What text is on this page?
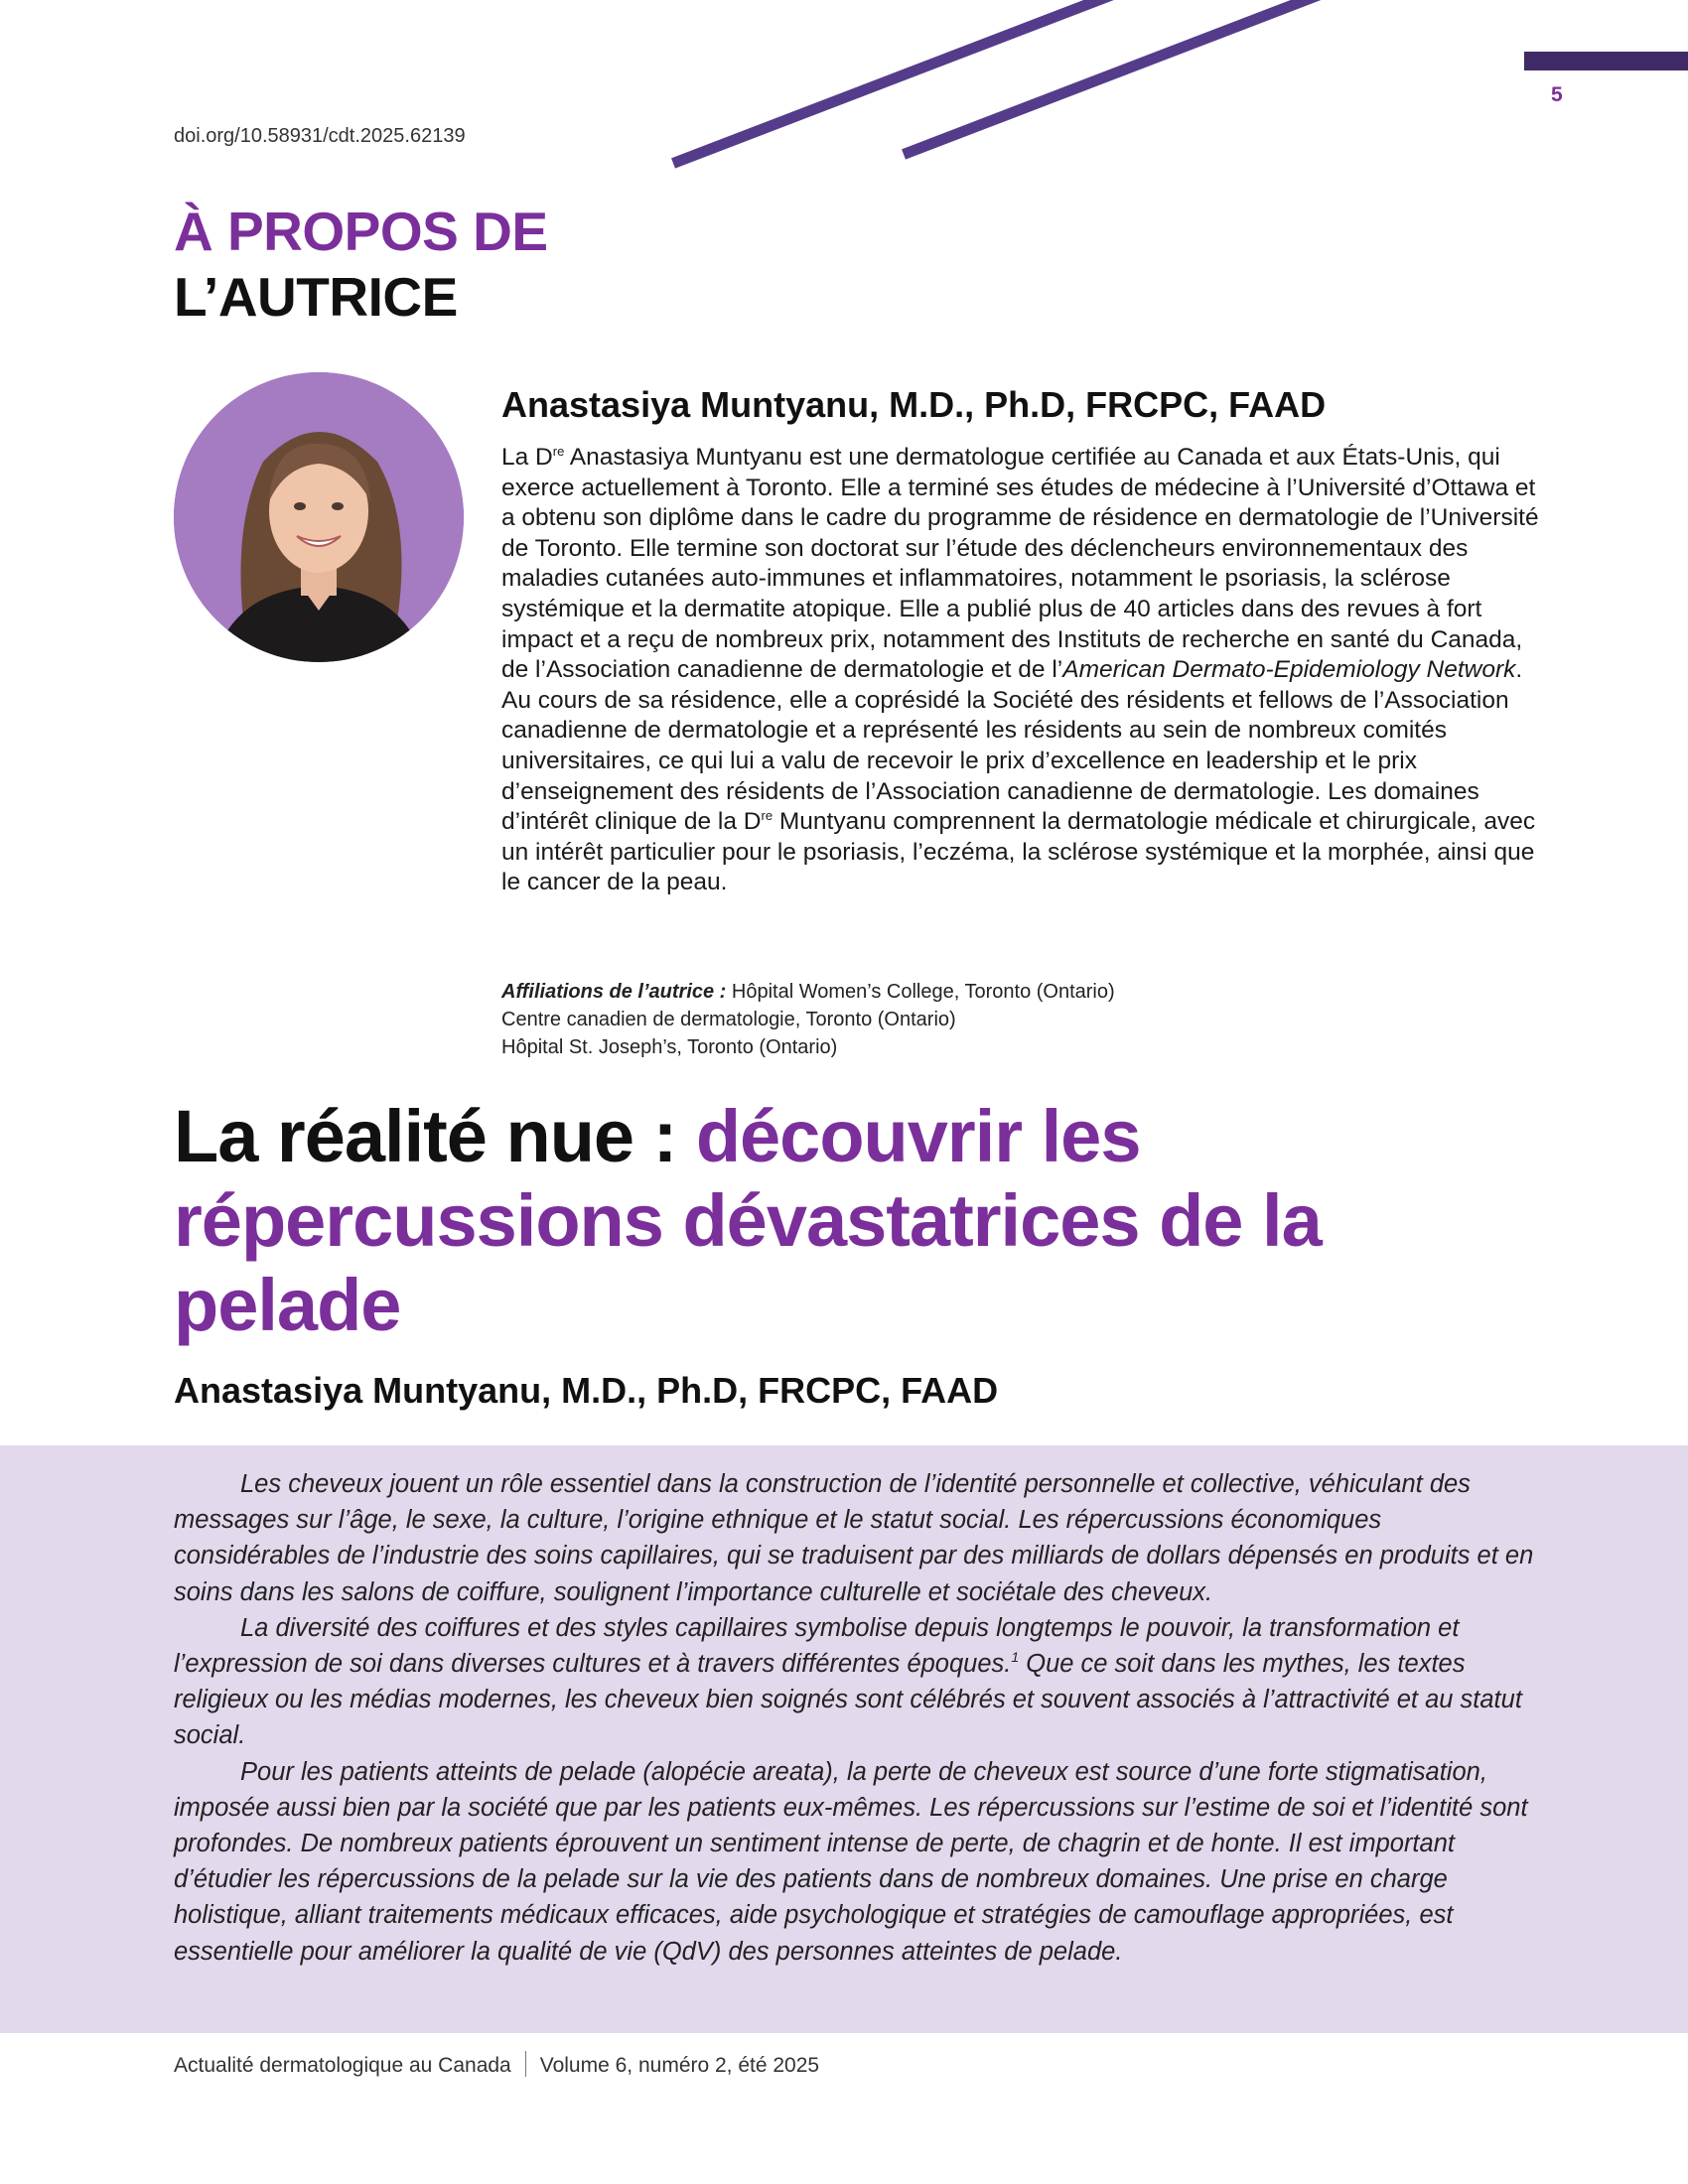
5
doi.org/10.58931/cdt.2025.62139
À PROPOS DE
L’AUTRICE
Anastasiya Muntyanu, M.D., Ph.D, FRCPC, FAAD
La Dre Anastasiya Muntyanu est une dermatologue certifiée au Canada et aux États-Unis, qui exerce actuellement à Toronto. Elle a terminé ses études de médecine à l’Université d’Ottawa et a obtenu son diplôme dans le cadre du programme de résidence en dermatologie de l’Université de Toronto. Elle termine son doctorat sur l’étude des déclencheurs environnementaux des maladies cutanées auto-immunes et inflammatoires, notamment le psoriasis, la sclérose systémique et la dermatite atopique. Elle a publié plus de 40 articles dans des revues à fort impact et a reçu de nombreux prix, notamment des Instituts de recherche en santé du Canada, de l’Association canadienne de dermatologie et de l’American Dermato-Epidemiology Network. Au cours de sa résidence, elle a coprésidé la Société des résidents et fellows de l’Association canadienne de dermatologie et a représenté les résidents au sein de nombreux comités universitaires, ce qui lui a valu de recevoir le prix d’excellence en leadership et le prix d’enseignement des résidents de l’Association canadienne de dermatologie. Les domaines d’intérêt clinique de la Dre Muntyanu comprennent la dermatologie médicale et chirurgicale, avec un intérêt particulier pour le psoriasis, l’eczéma, la sclérose systémique et la morphée, ainsi que le cancer de la peau.
Affiliations de l’autrice : Hôpital Women’s College, Toronto (Ontario)
Centre canadien de dermatologie, Toronto (Ontario)
Hôpital St. Joseph’s, Toronto (Ontario)
La réalité nue : découvrir les répercussions dévastatrices de la pelade
Anastasiya Muntyanu, M.D., Ph.D, FRCPC, FAAD

Les cheveux jouent un rôle essentiel dans la construction de l’identité personnelle et collective, véhiculant des messages sur l’âge, le sexe, la culture, l’origine ethnique et le statut social. Les répercussions économiques considérables de l’industrie des soins capillaires, qui se traduisent par des milliards de dollars dépensés en produits et en soins dans les salons de coiffure, soulignent l’importance culturelle et sociétale des cheveux.

La diversité des coiffures et des styles capillaires symbolise depuis longtemps le pouvoir, la transformation et l’expression de soi dans diverses cultures et à travers différentes époques.$^1$ Que ce soit dans les mythes, les textes religieux ou les médias modernes, les cheveux bien soignés sont célébrés et souvent associés à l’attractivité et au statut social.

Pour les patients atteints de pelade (alopécie areata), la perte de cheveux est source d’une forte stigmatisation, imposée aussi bien par la société que par les patients eux-mêmes. Les répercussions sur l’estime de soi et l’identité sont profondes. De nombreux patients éprouvent un sentiment intense de perte, de chagrin et de honte. Il est important d’étudier les répercussions de la pelade sur la vie des patients dans de nombreux domaines. Une prise en charge holistique, alliant traitements médicaux efficaces, aide psychologique et stratégies de camouflage appropriées, est essentielle pour améliorer la qualité de vie (QdV) des personnes atteintes de pelade.

Actualité dermatologique au Canada Volume 6, numéro 2, été 2025
